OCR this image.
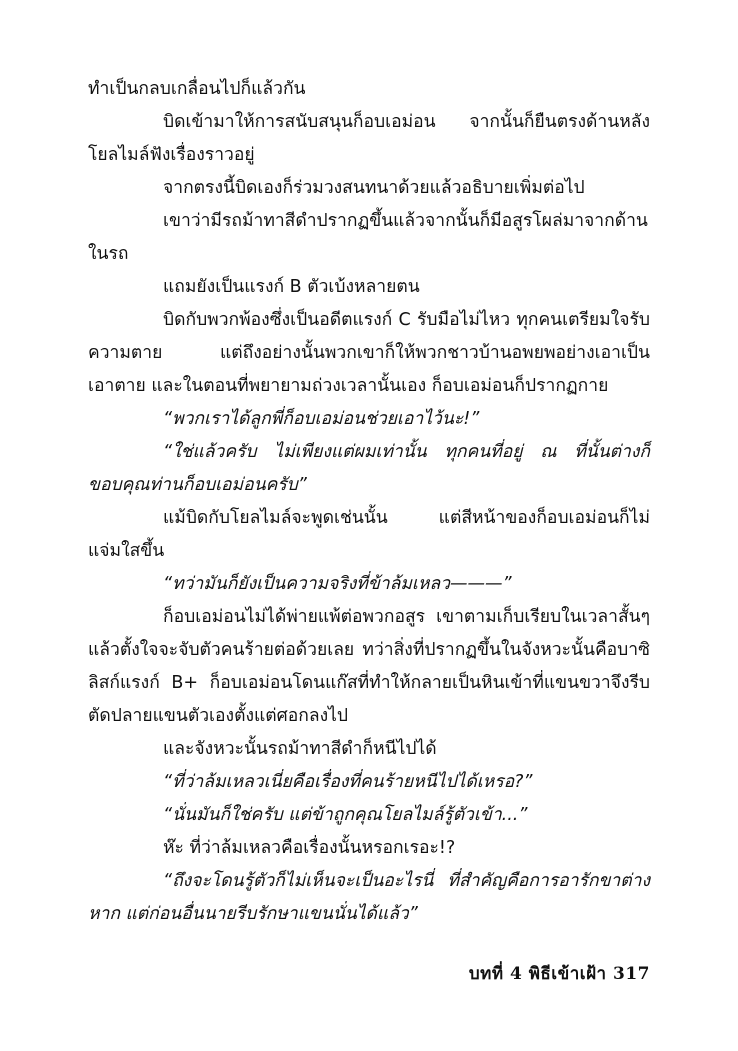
ทำเป็นกลบเกลื่อนไปก็แล้วกัน

บิดเข้ามาให้การสนับสนุนก็อบเอม่อน จากนั้นก็ยืนตรงด้านหลังโยลไมล์ฟังเรื่องราวอยู่

จากตรงนี้บิดเองก็ร่วมวงสนทนาด้วยแล้วอธิบายเพิ่มต่อไป

เขาว่ามีรถม้าทาสีดำปรากฏขึ้นแล้วจากนั้นก็มีอสูรโผล่มาจากด้านในรถ

แถมยังเป็นแรงก์ B ตัวเบ้งหลายตน

บิดกับพวกพ้องซึ่งเป็นอดีตแรงก์ C รับมือไม่ไหว ทุกคนเตรียมใจรับความตาย แต่ถึงอย่างนั้นพวกเขาก็ให้พวกชาวบ้านอพยพอย่างเอาเป็นเอาตาย และในตอนที่พยายามถ่วงเวลานั้นเอง ก็อบเอม่อนก็ปรากฏกาย

“พวกเราได้ลูกพี่ก็อบเอม่อนช่วยเอาไว้นะ!”

“ใช่แล้วครับ ไม่เพียงแต่ผมเท่านั้น ทุกคนที่อยู่ ณ ที่นั้นต่างก็ขอบคุณท่านก็อบเอม่อนครับ”

แม้บิดกับโยลไมล์จะพูดเช่นนั้น แต่สีหน้าของก็อบเอม่อนก็ไม่แจ่มใสขึ้น

“ทว่ามันก็ยังเป็นความจริงที่ข้าล้มเหลว———”

ก็อบเอม่อนไม่ได้พ่ายแพ้ต่อพวกอสูร เขาตามเก็บเรียบในเวลาสั้นๆ แล้วตั้งใจจะจับตัวคนร้ายต่อด้วยเลย ทว่าสิ่งที่ปรากฏขึ้นในจังหวะนั้นคือบาซิลิสก์แรงก์ B+ ก็อบเอม่อนโดนแก๊สที่ทำให้กลายเป็นหินเข้าที่แขนขวาจึงรีบตัดปลายแขนตัวเองตั้งแต่ศอกลงไป

และจังหวะนั้นรถม้าทาสีดำก็หนีไปได้

“ที่ว่าล้มเหลวเนี่ยคือเรื่องที่คนร้ายหนีไปได้เหรอ?”

“นั่นมันก็ใช่ครับ แต่ข้าถูกคุณโยลไมล์รู้ตัวเข้า...”

ห๊ะ ที่ว่าล้มเหลวคือเรื่องนั้นหรอกเรอะ!?

“ถึงจะโดนรู้ตัวก็ไม่เห็นจะเป็นอะไรนี่ ที่สำคัญคือการอารักขาต่างหาก แต่ก่อนอื่นนายรีบรักษาแขนนั่นได้แล้ว”

บทที่ 4 พิธีเข้าเฝ้า 317
